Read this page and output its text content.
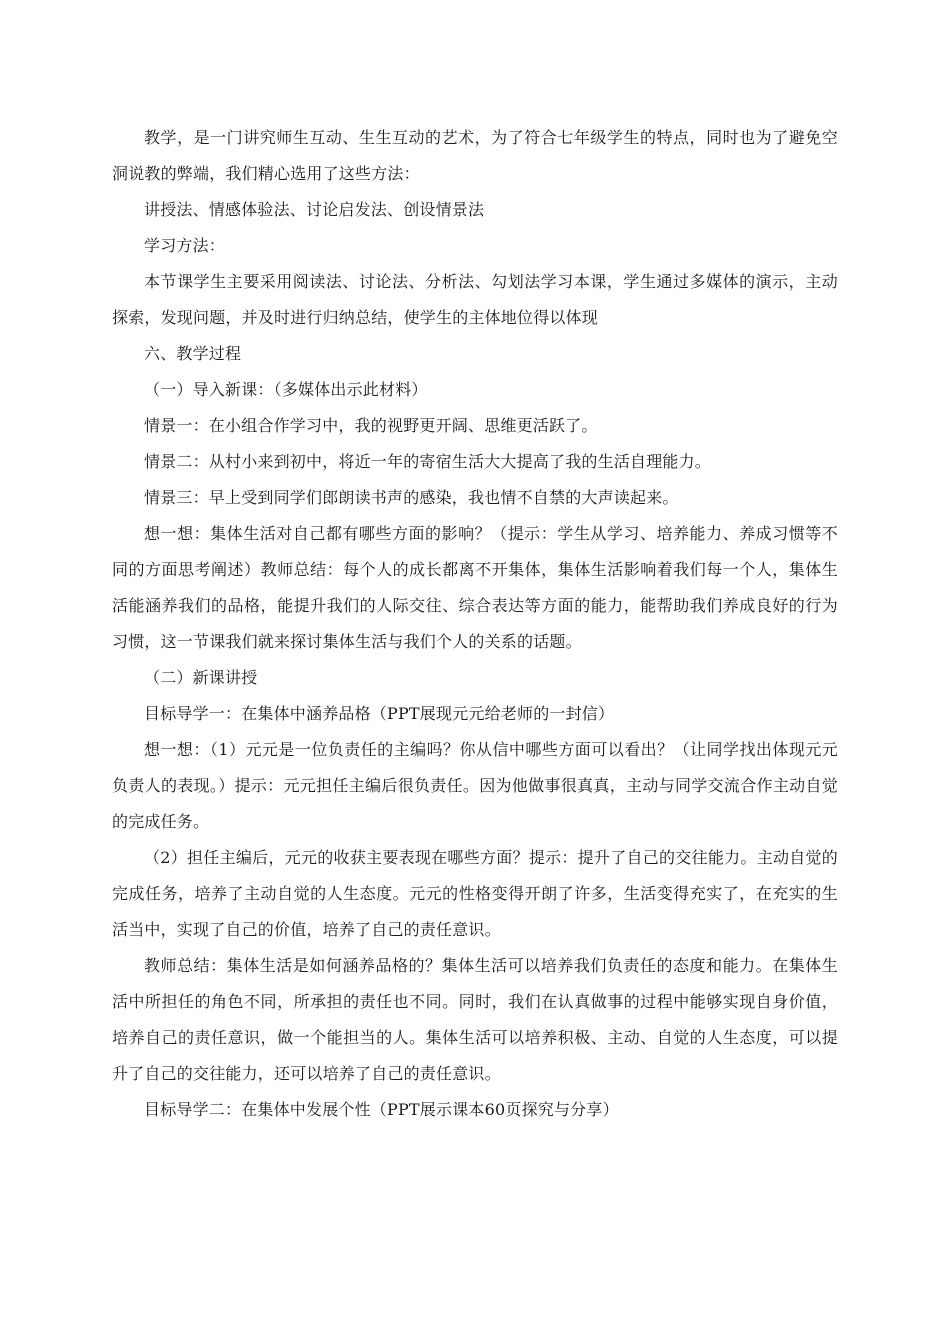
教学，是一门讲究师生互动、生生互动的艺术，为了符合七年级学生的特点，同时也为了避免空洞说教的弊端，我们精心选用了这些方法：

讲授法、情感体验法、讨论启发法、创设情景法

学习方法：

本节课学生主要采用阅读法、讨论法、分析法、勾划法学习本课，学生通过多媒体的演示，主动探索，发现问题，并及时进行归纳总结，使学生的主体地位得以体现

六、教学过程

（一）导入新课：（多媒体出示此材料）

情景一：在小组合作学习中，我的视野更开阔、思维更活跃了。

情景二：从村小来到初中，将近一年的寄宿生活大大提高了我的生活自理能力。

情景三：早上受到同学们郎朗读书声的感染，我也情不自禁的大声读起来。

想一想：集体生活对自己都有哪些方面的影响？（提示：学生从学习、培养能力、养成习惯等不同的方面思考阐述）教师总结：每个人的成长都离不开集体，集体生活影响着我们每一个人，集体生活能涵养我们的品格，能提升我们的人际交往、综合表达等方面的能力，能帮助我们养成良好的行为习惯，这一节课我们就来探讨集体生活与我们个人的关系的话题。

（二）新课讲授

目标导学一：在集体中涵养品格（PPT展现元元给老师的一封信）

想一想：（1）元元是一位负责任的主编吗？你从信中哪些方面可以看出？（让同学找出体现元元负责人的表现。）提示：元元担任主编后很负责任。因为他做事很真真，主动与同学交流合作主动自觉的完成任务。

（2）担任主编后，元元的收获主要表现在哪些方面？提示：提升了自己的交往能力。主动自觉的完成任务，培养了主动自觉的人生态度。元元的性格变得开朗了许多，生活变得充实了，在充实的生活当中，实现了自己的价值，培养了自己的责任意识。

教师总结：集体生活是如何涵养品格的？集体生活可以培养我们负责任的态度和能力。在集体生活中所担任的角色不同，所承担的责任也不同。同时，我们在认真做事的过程中能够实现自身价值，培养自己的责任意识，做一个能担当的人。集体生活可以培养积极、主动、自觉的人生态度，可以提升了自己的交往能力，还可以培养了自己的责任意识。

目标导学二：在集体中发展个性（PPT展示课本60页探究与分享）
